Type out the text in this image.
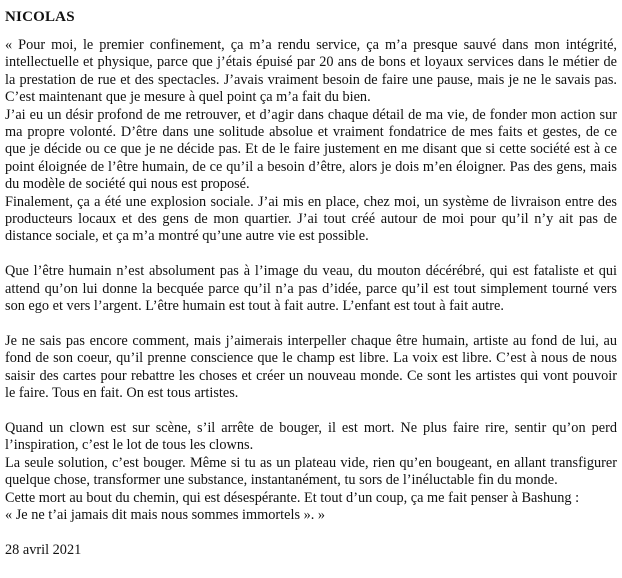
NICOLAS

« Pour moi, le premier confinement, ça m’a rendu service, ça m’a presque sauvé dans mon intégrité, intellectuelle et physique, parce que j’étais épuisé par 20 ans de bons et loyaux services dans le métier de la prestation de rue et des spectacles. J’avais vraiment besoin de faire une pause, mais je ne le savais pas. C’est maintenant que je mesure à quel point ça m’a fait du bien.

J’ai eu un désir profond de me retrouver, et d’agir dans chaque détail de ma vie, de fonder mon action sur ma propre volonté. D’être dans une solitude absolue et vraiment fondatrice de mes faits et gestes, de ce que je décide ou ce que je ne décide pas. Et de le faire justement en me disant que si cette société est à ce point éloignée de l’être humain, de ce qu’il a besoin d’être, alors je dois m’en éloigner. Pas des gens, mais du modèle de société qui nous est proposé.

Finalement, ça a été une explosion sociale. J’ai mis en place, chez moi, un système de livraison entre des producteurs locaux et des gens de mon quartier. J’ai tout créé autour de moi pour qu’il n’y ait pas de distance sociale, et ça m’a montré qu’une autre vie est possible.

Que l’être humain n’est absolument pas à l’image du veau, du mouton décérébré, qui est fataliste et qui attend qu’on lui donne la becquée parce qu’il n’a pas d’idée, parce qu’il est tout simplement tourné vers son ego et vers l’argent. L’être humain est tout à fait autre. L’enfant est tout à fait autre.

Je ne sais pas encore comment, mais j’aimerais interpeller chaque être humain, artiste au fond de lui, au fond de son coeur, qu’il prenne conscience que le champ est libre. La voix est libre. C’est à nous de nous saisir des cartes pour rebattre les choses et créer un nouveau monde. Ce sont les artistes qui vont pouvoir le faire. Tous en fait. On est tous artistes.

Quand un clown est sur scène, s’il arrête de bouger, il est mort. Ne plus faire rire, sentir qu’on perd l’inspiration, c’est le lot de tous les clowns.

La seule solution, c’est bouger. Même si tu as un plateau vide, rien qu’en bougeant, en allant transfigurer quelque chose, transformer une substance, instantanément, tu sors de l’inéluctable fin du monde.

Cette mort au bout du chemin, qui est désespérante. Et tout d’un coup, ça me fait penser à Bashung :

« Je ne t’ai jamais dit mais nous sommes immortels ». »

28 avril 2021
